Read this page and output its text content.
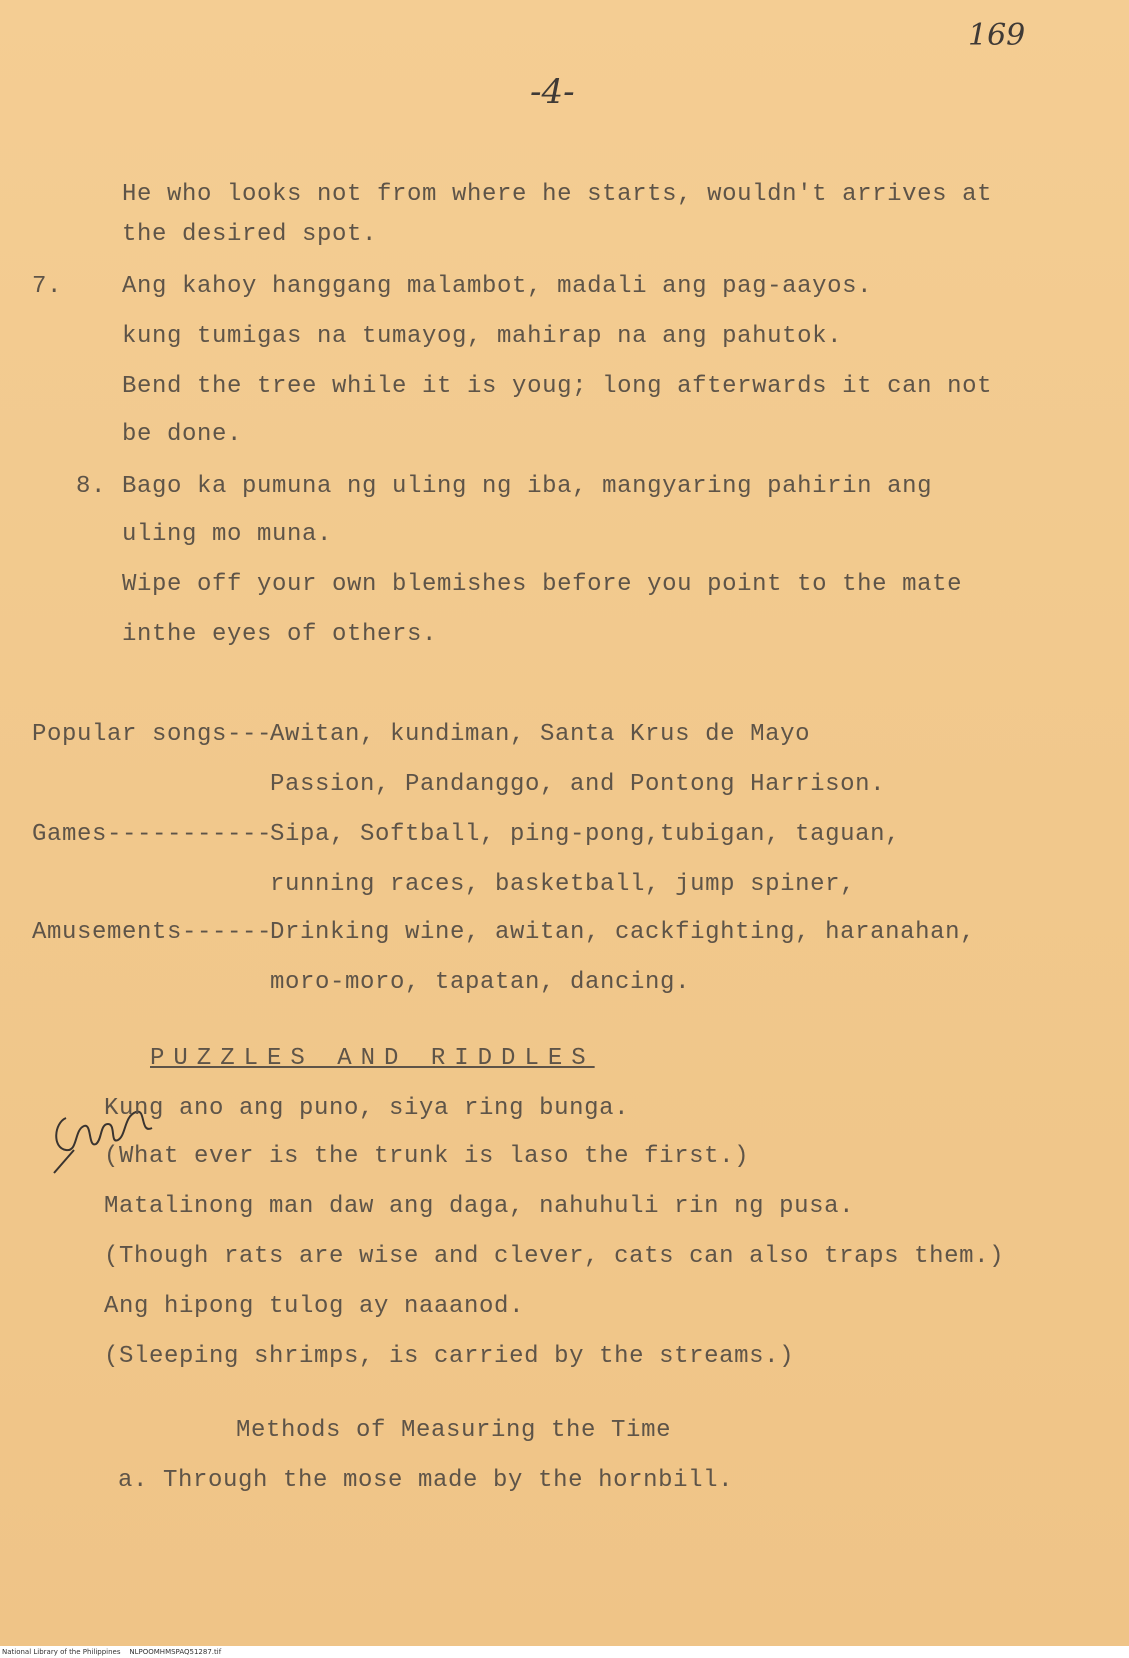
169
-4-
He who looks not from where he starts, wouldn't arrives at
the desired spot.
7. Ang kahoy hanggang malambot, madali ang pag-aayos.
kung tumigas na tumayog, mahirap na ang pahutok.
Bend the tree while it is youg; long afterwards it can not
be done.
8. Bago ka pumuna ng uling ng iba, mangyaring pahirin ang
uling mo muna.
Wipe off your own blemishes before you point to the mate
inthe eyes of others.
Popular songs---
Awitan, kundiman, Santa Krus de Mayo
Passion, Pandanggo, and Pontong Harrison.
Games-----------
Sipa, Softball, ping-pong,tubigan, taguan,
running races, basketball, jump spiner,
Amusements------
Drinking wine, awitan, cackfighting, haranahan,
moro-moro, tapatan, dancing.
PUZZLES AND RIDDLES
Kung ano ang puno, siya ring bunga.
(What ever is the trunk is laso the first.)
Matalinong man daw ang daga, nahuhuli rin ng pusa.
(Though rats are wise and clever, cats can also traps them.)
Ang hipong tulog ay naaanod.
(Sleeping shrimps, is carried by the streams.)
Methods of Measuring the Time
a. Through the mose made by the hornbill.
National Library of the Philippines    NLPOOMHMSPAQ51287.tif
